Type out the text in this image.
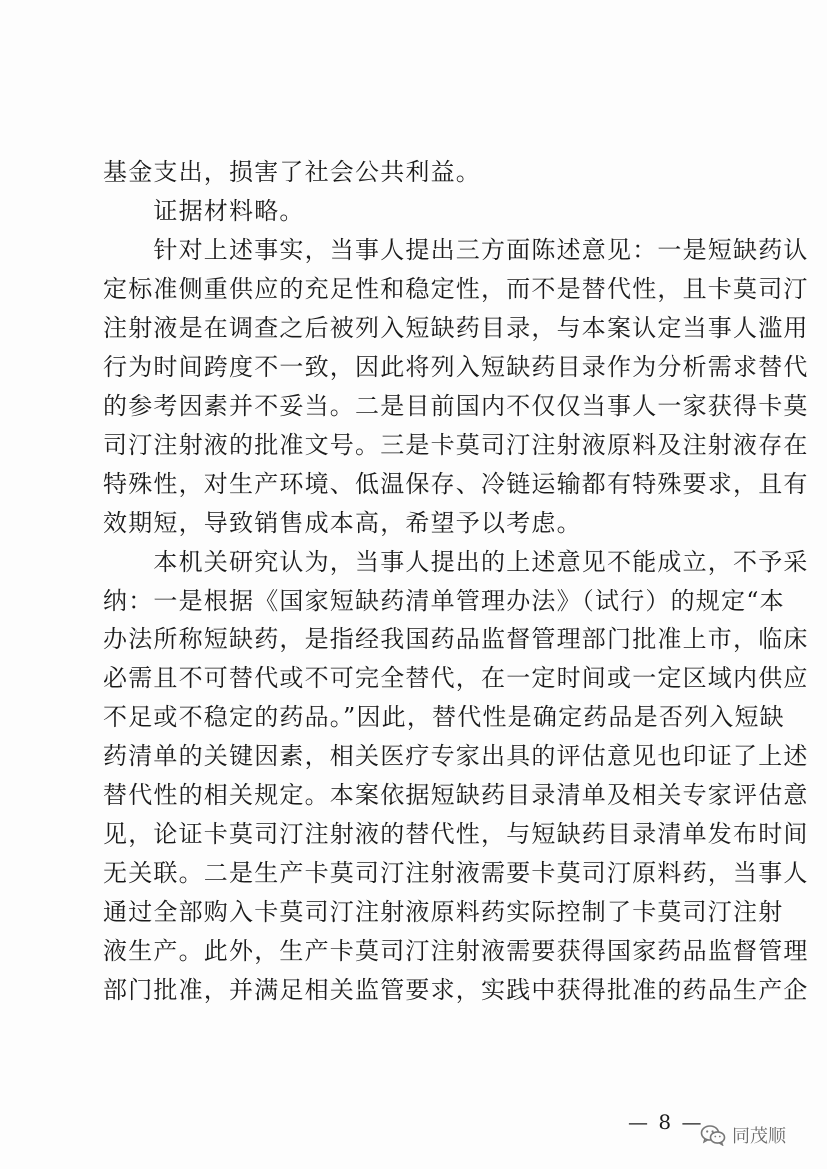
基金支出，损害了社会公共利益。
　　证据材料略。
　　针对上述事实，当事人提出三方面陈述意见：一是短缺药认
定标准侧重供应的充足性和稳定性，而不是替代性，且卡莫司汀
注射液是在调查之后被列入短缺药目录，与本案认定当事人滥用
行为时间跨度不一致，因此将列入短缺药目录作为分析需求替代
的参考因素并不妥当。二是目前国内不仅仅当事人一家获得卡莫
司汀注射液的批准文号。三是卡莫司汀注射液原料及注射液存在
特殊性，对生产环境、低温保存、冷链运输都有特殊要求，且有
效期短，导致销售成本高，希望予以考虑。
　　本机关研究认为，当事人提出的上述意见不能成立，不予采
纳：一是根据《国家短缺药清单管理办法》（试行）的规定“本
办法所称短缺药，是指经我国药品监督管理部门批准上市，临床
必需且不可替代或不可完全替代，在一定时间或一定区域内供应
不足或不稳定的药品。”因此，替代性是确定药品是否列入短缺
药清单的关键因素，相关医疗专家出具的评估意见也印证了上述
替代性的相关规定。本案依据短缺药目录清单及相关专家评估意
见，论证卡莫司汀注射液的替代性，与短缺药目录清单发布时间
无关联。二是生产卡莫司汀注射液需要卡莫司汀原料药，当事人
通过全部购入卡莫司汀注射液原料药实际控制了卡莫司汀注射
液生产。此外，生产卡莫司汀注射液需要获得国家药品监督管理
部门批准，并满足相关监管要求，实践中获得批准的药品生产企
— 8 —
同茂顺
